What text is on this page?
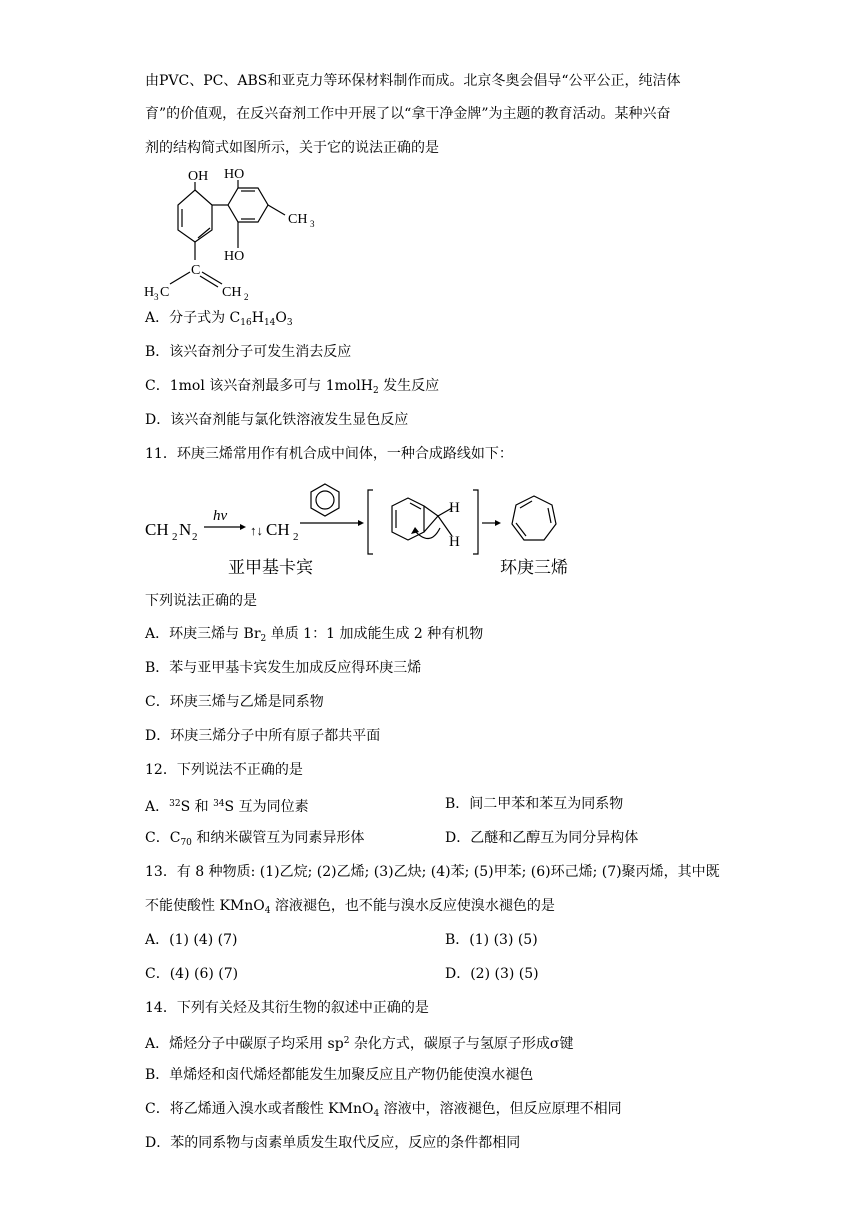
由PVC、PC、ABS和亚克力等环保材料制作而成。北京冬奥会倡导“公平公正，纯洁体
育”的价值观，在反兴奋剂工作中开展了以“拿干净金牌”为主题的教育活动。某种兴奋
剂的结构简式如图所示，关于它的说法正确的是
OH HO
CH 3
HO
C
H 3 C	CH 2
A．分子式为 $C_{16}H_{14}O_3$
B．该兴奋剂分子可发生消去反应
C．1mol 该兴奋剂最多可与 1molH$_2$ 发生反应
D．该兴奋剂能与氯化铁溶液发生显色反应
11．环庚三烯常用作有机合成中间体，一种合成路线如下：
CH 2 N 2
hν
↑↓ CH 2
H
H
亚甲基卡宾	环庚三烯
下列说法正确的是
A．环庚三烯与 $Br_2$ 单质 1：1 加成能生成 2 种有机物
B．苯与亚甲基卡宾发生加成反应得环庚三烯
C．环庚三烯与乙烯是同系物
D．环庚三烯分子中所有原子都共平面
12．下列说法不正确的是
A．$^{32}$S 和 $^{34}$S 互为同位素	B．间二甲苯和苯互为同系物
C．$C_{70}$ 和纳米碳管互为同素异形体	D．乙醚和乙醇互为同分异构体
13．有 8 种物质: (1)乙烷; (2)乙烯; (3)乙炔; (4)苯; (5)甲苯; (6)环己烯; (7)聚丙烯，其中既
不能使酸性 KMnO$_4$ 溶液褪色，也不能与溴水反应使溴水褪色的是
A．(1) (4) (7)	B．(1) (3) (5)
C．(4) (6) (7)	D．(2) (3) (5)
14．下列有关烃及其衍生物的叙述中正确的是
A．烯烃分子中碳原子均采用 $sp^2$ 杂化方式，碳原子与氢原子形成σ键
B．单烯烃和卤代烯烃都能发生加聚反应且产物仍能使溴水褪色
C．将乙烯通入溴水或者酸性 KMnO$_4$ 溶液中，溶液褪色，但反应原理不相同
D．苯的同系物与卤素单质发生取代反应，反应的条件都相同
